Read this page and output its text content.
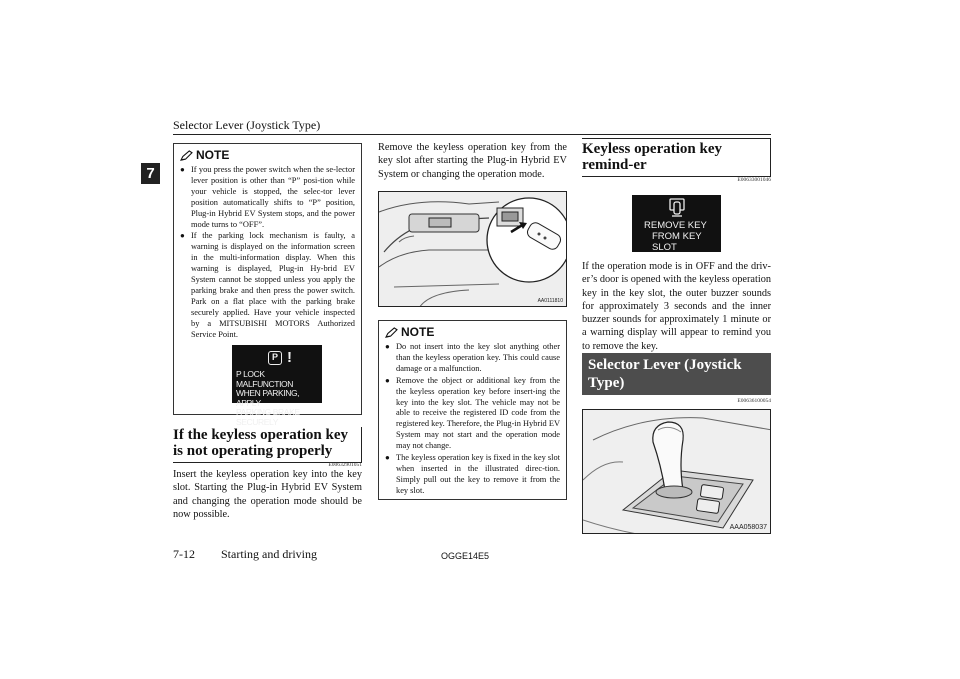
Selector Lever (Joystick Type)
7
NOTE
● If you press the power switch when the se-lector lever position is other than “P” posi-tion while your vehicle is stopped, the selec-tor lever position automatically shifts to “P” position, Plug-in Hybrid EV System stops, and the power mode turns to “OFF”.
● If the parking lock mechanism is faulty, a warning is displayed on the information screen in the multi-information display. When this warning is displayed, Plug-in Hy-brid EV System cannot be stopped unless you apply the parking brake and then press the power switch. Park on a flat place with the parking brake securely applied. Have your vehicle inspected by a MITSUBISHI MOTORS Authorized Service Point.
P !
P LOCK MALFUNCTION
WHEN PARKING, APPLY
PARKING BRAKE SECURELY
If the keyless operation key is not operating properly
E00632901051
Insert the keyless operation key into the key slot. Starting the Plug-in Hybrid EV System and changing the operation mode should be now possible.
Remove the keyless operation key from the key slot after starting the Plug-in Hybrid EV System or changing the operation mode.
AA0111810
NOTE
● Do not insert into the key slot anything other than the keyless operation key. This could cause damage or a malfunction.
● Remove the object or additional key from the the keyless operation key before insert-ing the key into the key slot. The vehicle may not be able to receive the registered ID code from the registered key. Therefore, the Plug-in Hybrid EV System may not start and the operation mode may not change.
● The keyless operation key is fixed in the key slot when inserted in the illustrated direc-tion. Simply pull out the key to remove it from the key slot.
Keyless operation key remind-er
E00633001046
REMOVE KEY
FROM KEY SLOT
If the operation mode is in OFF and the driv-er’s door is opened with the keyless operation key in the key slot, the outer buzzer sounds for approximately 3 seconds and the inner buzzer sounds for approximately 1 minute or a warning display will appear to remind you to remove the key.
Selector Lever (Joystick Type)
E00636100054
AAA058037
7-12 Starting and driving	OGGE14E5
